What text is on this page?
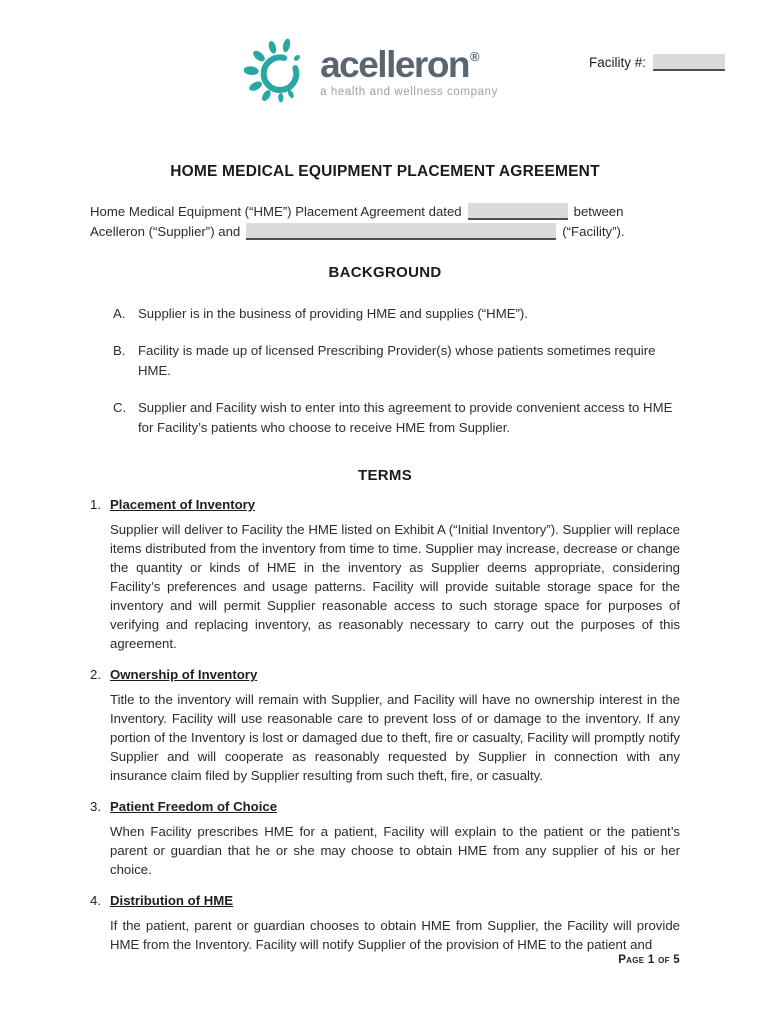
acelleron®
a health and wellness company
Facility #:
HOME MEDICAL EQUIPMENT PLACEMENT AGREEMENT
Home Medical Equipment (“HME”) Placement Agreement dated	between
Acelleron (“Supplier”) and	(“Facility”).
BACKGROUND
A. Supplier is in the business of providing HME and supplies (“HME”).
B. Facility is made up of licensed Prescribing Provider(s) whose patients sometimes require HME.
C. Supplier and Facility wish to enter into this agreement to provide convenient access to HME for Facility’s patients who choose to receive HME from Supplier.
TERMS
1. Placement of Inventory

Supplier will deliver to Facility the HME listed on Exhibit A (“Initial Inventory”). Supplier will replace items distributed from the inventory from time to time. Supplier may increase, decrease or change the quantity or kinds of HME in the inventory as Supplier deems appropriate, considering Facility’s preferences and usage patterns. Facility will provide suitable storage space for the inventory and will permit Supplier reasonable access to such storage space for purposes of verifying and replacing inventory, as reasonably necessary to carry out the purposes of this agreement.

2. Ownership of Inventory

Title to the inventory will remain with Supplier, and Facility will have no ownership interest in the Inventory. Facility will use reasonable care to prevent loss of or damage to the inventory. If any portion of the Inventory is lost or damaged due to theft, fire or casualty, Facility will promptly notify Supplier and will cooperate as reasonably requested by Supplier in connection with any insurance claim filed by Supplier resulting from such theft, fire, or casualty.

3. Patient Freedom of Choice

When Facility prescribes HME for a patient, Facility will explain to the patient or the patient’s parent or guardian that he or she may choose to obtain HME from any supplier of his or her choice.

4. Distribution of HME

If the patient, parent or guardian chooses to obtain HME from Supplier, the Facility will provide HME from the Inventory. Facility will notify Supplier of the provision of HME to the patient and

Page 1 of 5
